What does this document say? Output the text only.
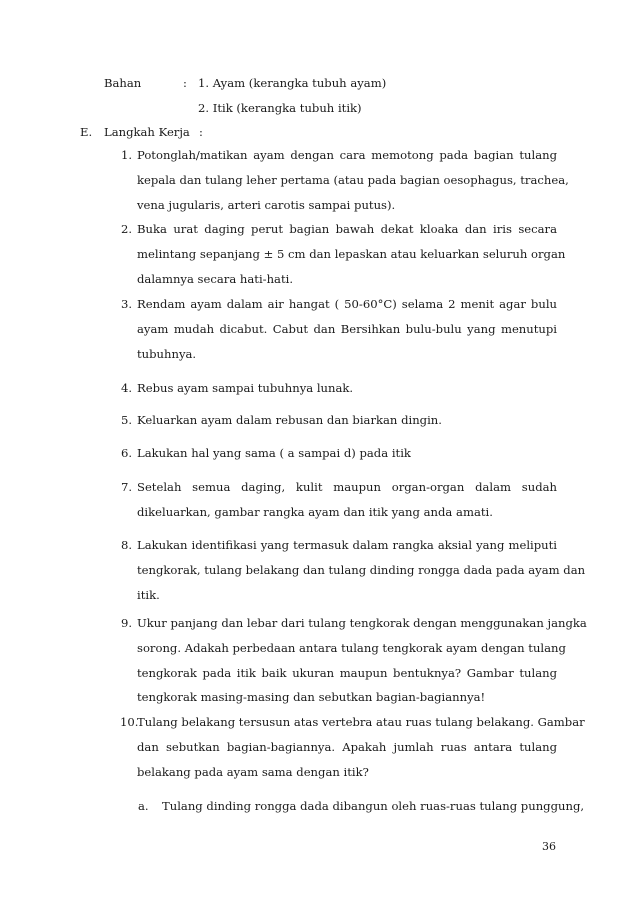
Bahan	: 1. Ayam (kerangka tubuh ayam)
2. Itik (kerangka tubuh itik)
E. Langkah Kerja :
1. Potonglah/matikan ayam dengan cara memotong pada bagian tulang
kepala dan tulang leher pertama (atau pada bagian oesophagus, trachea,
vena jugularis, arteri carotis sampai putus).
2. Buka urat daging perut bagian bawah dekat kloaka dan iris secara
melintang sepanjang ± 5 cm dan lepaskan atau keluarkan seluruh organ
dalamnya secara hati-hati.
3. Rendam ayam dalam air hangat ( 50-60°C) selama 2 menit agar bulu
ayam mudah dicabut. Cabut dan Bersihkan bulu-bulu yang menutupi
tubuhnya.
4. Rebus ayam sampai tubuhnya lunak.
5. Keluarkan ayam dalam rebusan dan biarkan dingin.
6. Lakukan hal yang sama ( a sampai d) pada itik
7. Setelah semua daging, kulit maupun organ-organ dalam sudah
dikeluarkan, gambar rangka ayam dan itik yang anda amati.
8. Lakukan identifikasi yang termasuk dalam rangka aksial yang meliputi
tengkorak, tulang belakang dan tulang dinding rongga dada pada ayam dan
itik.
9. Ukur panjang dan lebar dari tulang tengkorak dengan menggunakan jangka
sorong. Adakah perbedaan antara tulang tengkorak ayam dengan tulang
tengkorak pada itik baik ukuran maupun bentuknya? Gambar tulang
tengkorak masing-masing dan sebutkan bagian-bagiannya!
10.
Tulang belakang tersusun atas vertebra atau ruas tulang belakang. Gambar
dan sebutkan bagian-bagiannya. Apakah jumlah ruas antara tulang
belakang pada ayam sama dengan itik?
a. Tulang dinding rongga dada dibangun oleh ruas-ruas tulang punggung,
36
